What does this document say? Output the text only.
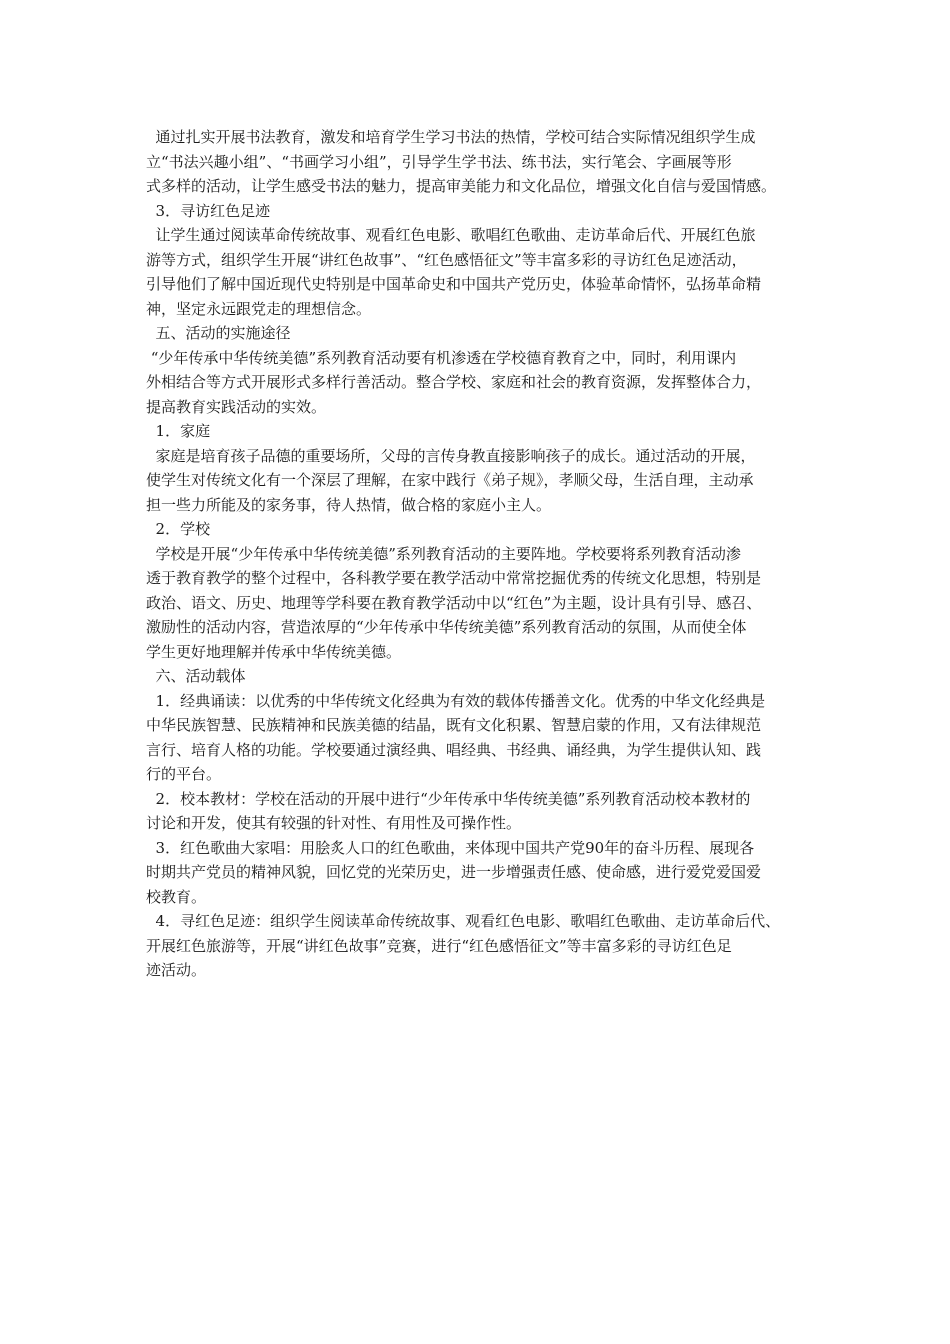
通过扎实开展书法教育，激发和培育学生学习书法的热情，学校可结合实际情况组织学生成
立“书法兴趣小组”、“书画学习小组”，引导学生学书法、练书法，实行笔会、字画展等形
式多样的活动，让学生感受书法的魅力，提高审美能力和文化品位，增强文化自信与爱国情感。
3．寻访红色足迹
让学生通过阅读革命传统故事、观看红色电影、歌唱红色歌曲、走访革命后代、开展红色旅
游等方式，组织学生开展“讲红色故事”、“红色感悟征文”等丰富多彩的寻访红色足迹活动，
引导他们了解中国近现代史特别是中国革命史和中国共产党历史，体验革命情怀，弘扬革命精
神，坚定永远跟党走的理想信念。
五、活动的实施途径
“少年传承中华传统美德”系列教育活动要有机渗透在学校德育教育之中，同时，利用课内
外相结合等方式开展形式多样行善活动。整合学校、家庭和社会的教育资源，发挥整体合力，
提高教育实践活动的实效。
1．家庭
家庭是培育孩子品德的重要场所，父母的言传身教直接影响孩子的成长。通过活动的开展，
使学生对传统文化有一个深层了理解，在家中践行《弟子规》，孝顺父母，生活自理，主动承
担一些力所能及的家务事，待人热情，做合格的家庭小主人。
2．学校
学校是开展“少年传承中华传统美德”系列教育活动的主要阵地。学校要将系列教育活动渗
透于教育教学的整个过程中，各科教学要在教学活动中常常挖掘优秀的传统文化思想，特别是
政治、语文、历史、地理等学科要在教育教学活动中以“红色”为主题，设计具有引导、感召、
激励性的活动内容，营造浓厚的“少年传承中华传统美德”系列教育活动的氛围，从而使全体
学生更好地理解并传承中华传统美德。
六、活动载体
1．经典诵读：以优秀的中华传统文化经典为有效的载体传播善文化。优秀的中华文化经典是
中华民族智慧、民族精神和民族美德的结晶，既有文化积累、智慧启蒙的作用，又有法律规范
言行、培育人格的功能。学校要通过演经典、唱经典、书经典、诵经典，为学生提供认知、践
行的平台。
2．校本教材：学校在活动的开展中进行“少年传承中华传统美德”系列教育活动校本教材的
讨论和开发，使其有较强的针对性、有用性及可操作性。
3．红色歌曲大家唱：用脍炙人口的红色歌曲，来体现中国共产党90年的奋斗历程、展现各
时期共产党员的精神风貌，回忆党的光荣历史，进一步增强责任感、使命感，进行爱党爱国爱
校教育。
4．寻红色足迹：组织学生阅读革命传统故事、观看红色电影、歌唱红色歌曲、走访革命后代、
开展红色旅游等，开展“讲红色故事”竞赛，进行“红色感悟征文”等丰富多彩的寻访红色足
迹活动。
